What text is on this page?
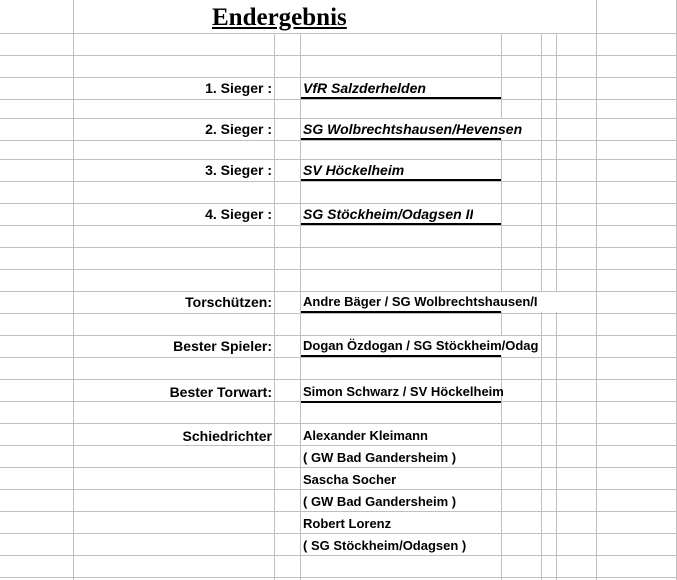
Endergebnis
1. Sieger : VfR Salzderhelden
2. Sieger : SG Wolbrechtshausen/Hevensen
3. Sieger : SV Höckelheim
4. Sieger : SG Stöckheim/Odagsen II
Torschützen: Andre Bäger / SG Wolbrechtshausen/I
Bester Spieler: Dogan Özdogan / SG Stöckheim/Odag
Bester Torwart: Simon Schwarz / SV Höckelheim
Schiedrichter Alexander Kleimann
( GW Bad Gandersheim )
Sascha Socher
( GW Bad Gandersheim )
Robert Lorenz
( SG Stöckheim/Odagsen )
